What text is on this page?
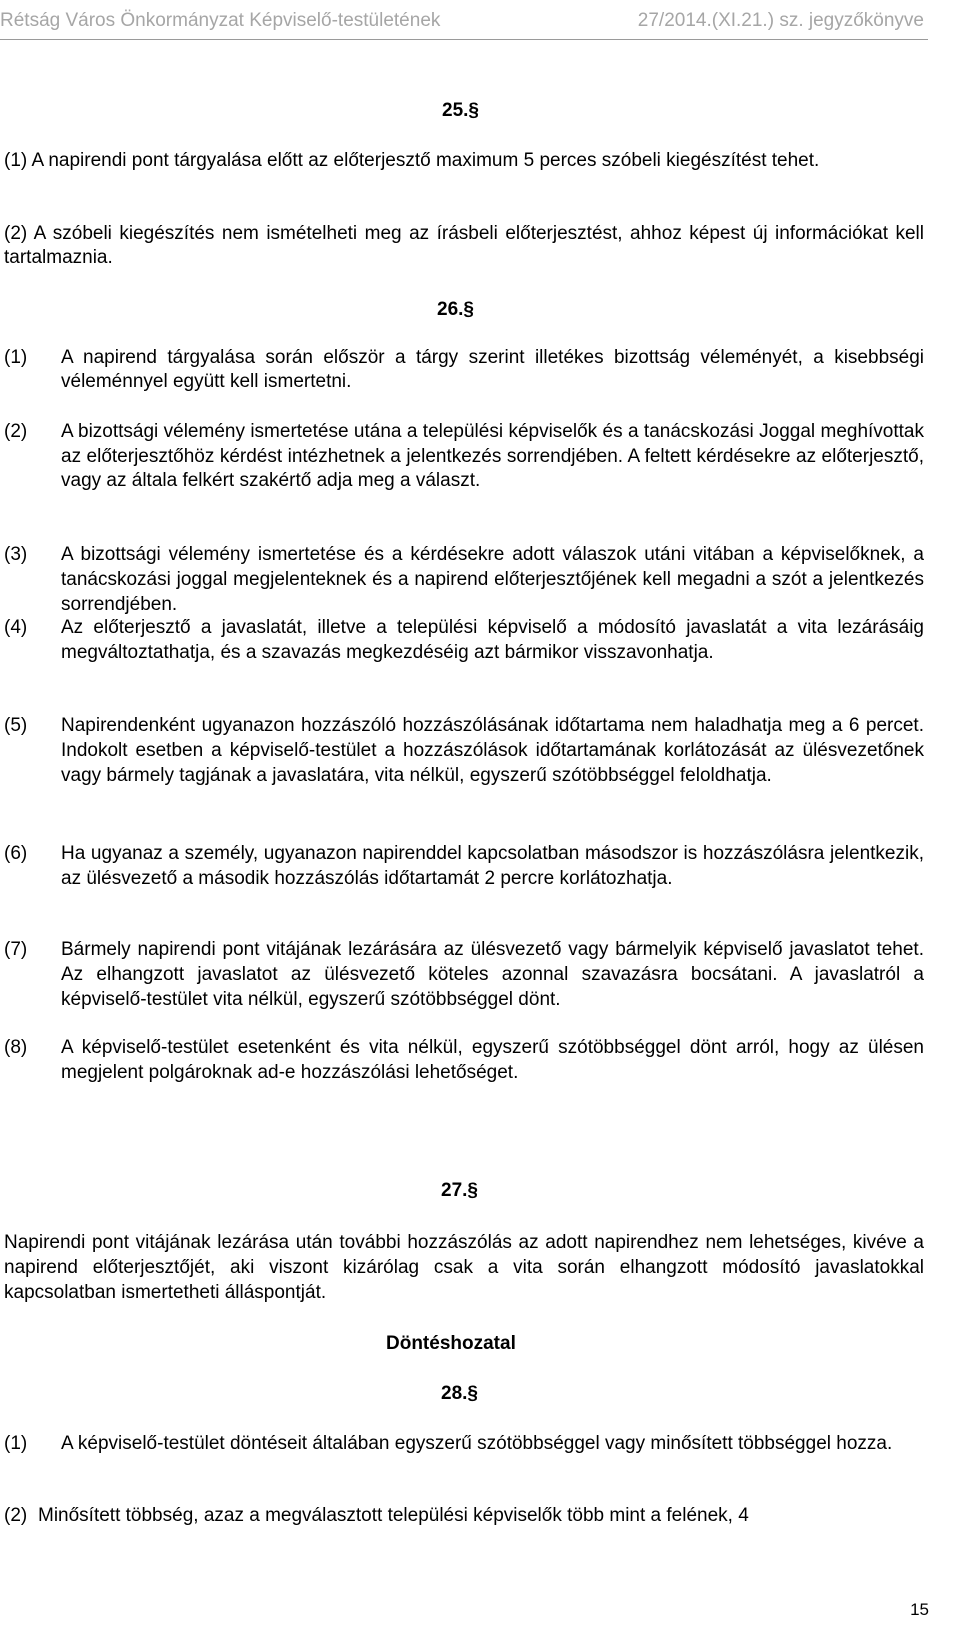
Rétság Város Önkormányzat Képviselő-testületének	27/2014.(XI.21.) sz. jegyzőkönyve
25.§
(1) A napirendi pont tárgyalása előtt az előterjesztő maximum 5 perces szóbeli kiegészítést tehet.
(2) A szóbeli kiegészítés nem ismételheti meg az írásbeli előterjesztést, ahhoz képest új információkat kell tartalmaznia.
26.§
(1) A napirend tárgyalása során először a tárgy szerint illetékes bizottság véleményét, a kisebbségi véleménnyel együtt kell ismertetni.
(2) A bizottsági vélemény ismertetése utána a települési képviselők és a tanácskozási Joggal meghívottak az előterjesztőhöz kérdést intézhetnek a jelentkezés sorrendjében. A feltett kérdésekre az előterjesztő, vagy az általa felkért szakértő adja meg a választ.
(3) A bizottsági vélemény ismertetése és a kérdésekre adott válaszok utáni vitában a képviselőknek, a tanácskozási joggal megjelenteknek és a napirend előterjesztőjének kell megadni a szót a jelentkezés sorrendjében.
(4) Az előterjesztő a javaslatát, illetve a települési képviselő a módosító javaslatát a vita lezárásáig megváltoztathatja, és a szavazás megkezdéséig azt bármikor visszavonhatja.
(5) Napirendenként ugyanazon hozzászóló hozzászólásának időtartama nem haladhatja meg a 6 percet. Indokolt esetben a képviselő-testület a hozzászólások időtartamának korlátozását az ülésvezetőnek vagy bármely tagjának a javaslatára, vita nélkül, egyszerű szótöbbséggel feloldhatja.
(6) Ha ugyanaz a személy, ugyanazon napirenddel kapcsolatban másodszor is hozzászólásra jelentkezik, az ülésvezető a második hozzászólás időtartamát 2 percre korlátozhatja.
(7) Bármely napirendi pont vitájának lezárására az ülésvezető vagy bármelyik képviselő javaslatot tehet. Az elhangzott javaslatot az ülésvezető köteles azonnal szavazásra bocsátani. A javaslatról a képviselő-testület vita nélkül, egyszerű szótöbbséggel dönt.
(8) A képviselő-testület esetenként és vita nélkül, egyszerű szótöbbséggel dönt arról, hogy az ülésen megjelent polgároknak ad-e hozzászólási lehetőséget.
27.§
Napirendi pont vitájának lezárása után további hozzászólás az adott napirendhez nem lehetséges, kivéve a napirend előterjesztőjét, aki viszont kizárólag csak a vita során elhangzott módosító javaslatokkal kapcsolatban ismertetheti álláspontját.
Döntéshozatal
28.§
(1) A képviselő-testület döntéseit általában egyszerű szótöbbséggel vagy minősített többséggel hozza.
(2) Minősített többség, azaz a megválasztott települési képviselők több mint a felének, 4
15
